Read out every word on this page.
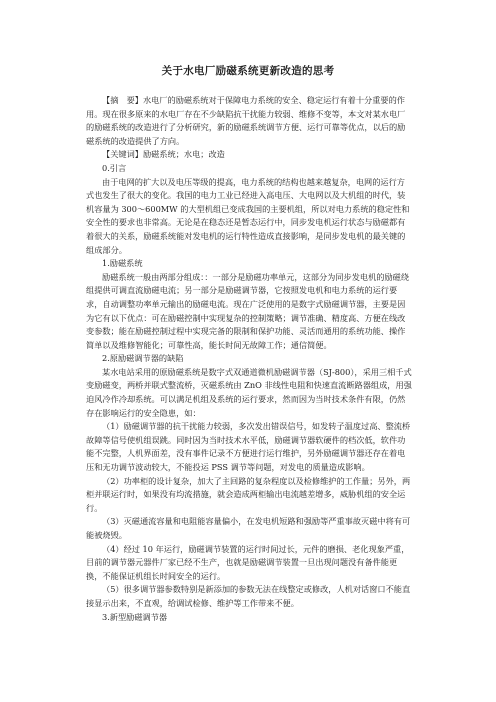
关于水电厂励磁系统更新改造的思考

【摘　要】水电厂的励磁系统对于保障电力系统的安全、稳定运行有着十分重要的作用。现在很多原来的水电厂存在不少缺陷抗干扰能力较弱、维修不变等，本文对某水电厂的励磁系统的改造进行了分析研究，新的励磁系统调节方便、运行可靠等优点，以后的励磁系统的改造提供了方向。

【关键词】励磁系统；水电；改造

0.引言

由于电网的扩大以及电压等级的提高，电力系统的结构也越来越复杂，电网的运行方式也发生了很大的变化。我国的电力工业已经进入高电压、大电网以及大机组的时代，装机容量为 300～600MW 的大型机组已变成我国的主要机组，所以对电力系统的稳定性和安全性的要求也非常高。无论是在稳态还是暂态运行中，同步发电机运行状态与励磁都有着很大的关系，励磁系统能对发电机的运行特性造成直接影响，是同步发电机的最关键的组成部分。

1.励磁系统

励磁系统一般由两部分组成：：一部分是励磁功率单元，这部分为同步发电机的励磁绕组提供可调直流励磁电流；另一部分是励磁调节器，它按照发电机和电力系统的运行要求，自动调整功率单元输出的励磁电流。现在广泛使用的是数字式励磁调节器，主要是因为它有以下优点：可在励磁控制中实现复杂的控制策略；调节准确、精度高、方便在线改变参数；能在励磁控制过程中实现完备的限制和保护功能、灵活而通用的系统功能、操作简单以及维修智能化；可靠性高，能长时间无故障工作；通信简便。

2.原励磁调节器的缺陷

某水电站采用的原励磁系统是数字式双通道微机励磁调节器（SJ-800），采用三相千式变励磁变，两桥并联式整流桥，灭磁系统由 ZnO 非线性电阻和快速直流断路器组成，用强迫风冷作冷却系统。可以满足机组及系统的运行要求，然而因为当时技术条件有限，仍然存在影响运行的安全隐患，如：

（1）励磁调节器的抗干扰能力较弱，多次发出错误信号，如发转子温度过高、整流桥故障等信号使机组误跳。同时因为当时技术水平低，励磁调节器软硬件的档次低，软件功能不完整，人机界面差，没有事件记录不方便进行运行维护，另外励磁调节器还存在着电压和无功调节波动较大，不能投运 PSS 调节等问题，对发电的质量造成影响。

（2）功率柜的设计复杂，加大了主回路的复杂程度以及检修维护的工作量；另外，两柜并联运行时，如果没有均流措施，就会造成两柜输出电流越差增多，威胁机组的安全运行。

（3）灭磁通流容量和电阻能容量偏小，在发电机短路和强励等严重事故灭磁中将有可能被烧毁。

（4）经过 10 年运行，励磁调节装置的运行时间过长，元件的磨损、老化现象严重，目前的调节器元器件厂家已经不生产，也就是励磁调节装置一旦出现问题没有备件能更换，不能保证机组长时间安全的运行。

（5）很多调节器参数特别是新添加的参数无法在线整定或修改，人机对话窗口不能直接显示出来，不直观，给调试检修、维护等工作带来不便。

3.新型励磁调节器
